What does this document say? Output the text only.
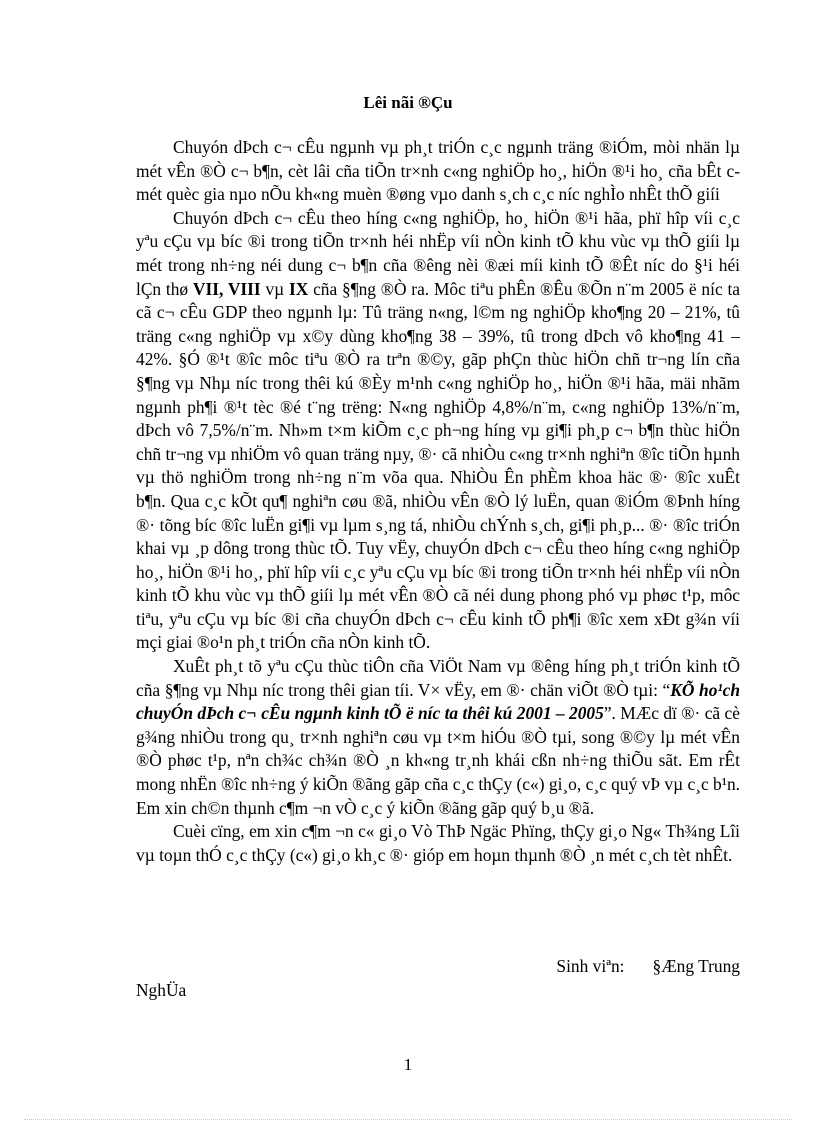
Lêi nãi ®Çu

Chuyón dÞch c¬ cÊu ngµnh vµ ph¸t triÓn c¸c ngµnh träng ®iÓm, mòi nhän lµ mét vÊn ®Ò c¬ b¶n, cèt lâi cña tiÕn tr×nh c«ng nghiÖp ho¸, hiÖn ®¹i ho¸ cña bÊt c mét quèc gia nµo nÕu kh«ng muèn ®øng vµo danh s¸ch c¸c níc nghÌo nhÊt thÕ giíi

Chuyón dÞch c¬ cÊu theo híng c«ng nghiÖp, ho¸ hiÖn ®¹i hãa, phï hîp víi c¸c yªu cÇu vµ bíc ®i trong tiÕn tr×nh héi nhËp víi nÒn kinh tÕ khu vùc vµ thÕ giíi lµ mét trong nh÷ng néi dung c¬ b¶n cña ®êng nèi ®æi míi kinh tÕ ®Êt níc do §¹i héi lÇn thø VII, VIII vµ IX cña §¶ng ®Ò ra. Môc tiªu phÊn ®Êu ®Õn n¨m 2005 ë níc ta cã c¬ cÊu GDP theo ngµnh lµ: Tû träng n«ng, l©m ng nghiÖp kho¶ng 20 – 21%, tû träng c«ng nghiÖp vµ x©y dùng kho¶ng 38 – 39%, tû trong dÞch vô kho¶ng 41 – 42%. §Ó ®¹t ®îc môc tiªu ®Ò ra trªn ®©y, gãp phÇn thùc hiÖn chñ tr¬ng lín cña §¶ng vµ Nhµ níc trong thêi kú ®Èy m¹nh c«ng nghiÖp ho¸, hiÖn ®¹i hãa, mäi nhãm ngµnh ph¶i ®¹t tèc ®é t¨ng trëng: N«ng nghiÖp 4,8%/n¨m, c«ng nghiÖp 13%/n¨m, dÞch vô 7,5%/n¨m. Nh»m t×m kiÕm c¸c ph¬ng híng vµ gi¶i ph¸p c¬ b¶n thùc hiÖn chñ tr¬ng vµ nhiÖm vô quan träng nµy, ®· cã nhiÒu c«ng tr×nh nghiªn ®îc tiÕn hµnh vµ thö nghiÖm trong nh÷ng n¨m võa qua. NhiÒu Ên phÈm khoa häc ®· ®îc xuÊt b¶n. Qua c¸c kÕt qu¶ nghiªn cøu ®ã, nhiÒu vÊn ®Ò lý luËn, quan ®iÓm ®Þnh híng ®· tõng bíc ®îc luËn gi¶i vµ lµm s¸ng tá, nhiÒu chÝnh s¸ch, gi¶i ph¸p... ®· ®îc triÓn khai vµ ¸p dông trong thùc tÕ. Tuy vËy, chuyÓn dÞch c¬ cÊu theo híng c«ng nghiÖp ho¸, hiÖn ®¹i ho¸, phï hîp víi c¸c yªu cÇu vµ bíc ®i trong tiÕn tr×nh héi nhËp víi nÒn kinh tÕ khu vùc vµ thÕ giíi lµ mét vÊn ®Ò cã néi dung phong phó vµ phøc t¹p, môc tiªu, yªu cÇu vµ bíc ®i cña chuyÓn dÞch c¬ cÊu kinh tÕ ph¶i ®îc xem xÐt g¾n víi mçi giai ®o¹n ph¸t triÓn cña nÒn kinh tÕ.

XuÊt ph¸t tõ yªu cÇu thùc tiÔn cña ViÖt Nam vµ ®êng híng ph¸t triÓn kinh tÕ cña §¶ng vµ Nhµ níc trong thêi gian tíi. V× vËy, em ®· chän viÕt ®Ò tµi: “KÕ ho¹ch chuyÓn dÞch c¬ cÊu ngµnh kinh tÕ ë níc ta thêi kú 2001 – 2005”. MÆc dï ®· cã cè g¾ng nhiÒu trong qu¸ tr×nh nghiªn cøu vµ t×m hiÓu ®Ò tµi, song ®©y lµ mét vÊn ®Ò phøc t¹p, nªn ch¾c ch¾n ®Ò ¸n kh«ng tr¸nh khái cßn nh÷ng thiÕu sãt. Em rÊt mong nhËn ®îc nh÷ng ý kiÕn ®ãng gãp cña c¸c thÇy (c«) gi¸o, c¸c quý vÞ vµ c¸c b¹n. Em xin ch©n thµnh c¶m ¬n vÒ c¸c ý kiÕn ®ãng gãp quý b¸u ®ã.

Cuèi cïng, em xin c¶m ¬n c« gi¸o Vò ThÞ Ngäc Phïng, thÇy gi¸o Ng« Th¾ng Lîi vµ toµn thÓ c¸c thÇy (c«) gi¸o kh¸c ®· gióp em hoµn thµnh ®Ò ¸n mét c¸ch tèt nhÊt.

Sinh viªn: §Æng Trung
NghÜa
1
